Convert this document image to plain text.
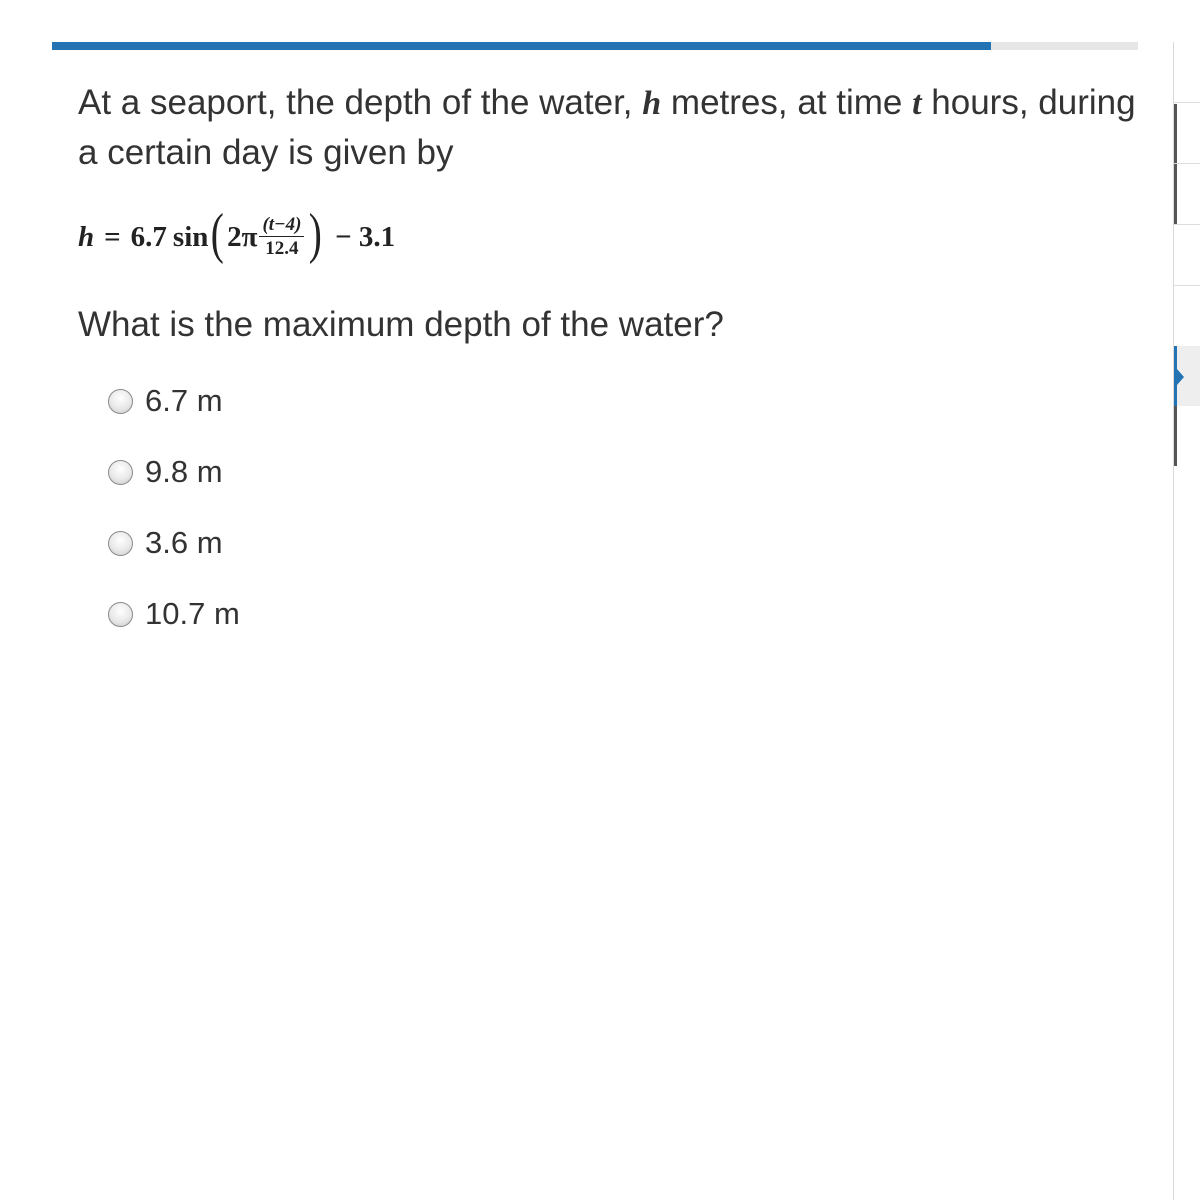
At a seaport, the depth of the water, h metres, at time t hours, during a certain day is given by

h = 6.7 sin ( $2\pi \frac{(t-4)}{12.4}$ ) − 3.1
What is the maximum depth of the water?
6.7 m
9.8 m
3.6 m
10.7 m
